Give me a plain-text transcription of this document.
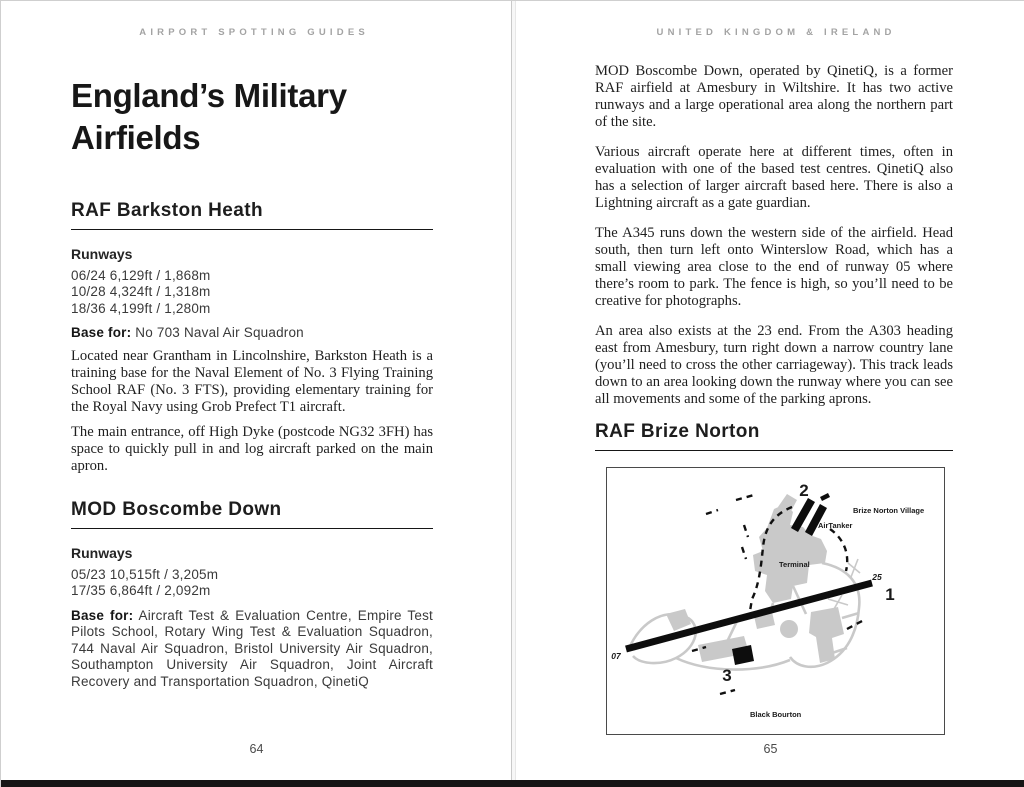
AIRPORT SPOTTING GUIDES
England’s Military Airfields
RAF Barkston Heath
Runways
06/24 6,129ft / 1,868m
10/28 4,324ft / 1,318m
18/36 4,199ft / 1,280m
Base for: No 703 Naval Air Squadron

Located near Grantham in Lincolnshire, Barkston Heath is a training base for the Naval Element of No. 3 Flying Training School RAF (No. 3 FTS), providing elementary training for the Royal Navy using Grob Prefect T1 aircraft.

The main entrance, off High Dyke (postcode NG32 3FH) has space to quickly pull in and log aircraft parked on the main apron.

MOD Boscombe Down
Runways
05/23 10,515ft / 3,205m
17/35 6,864ft / 2,092m
Base for: Aircraft Test & Evaluation Centre, Empire Test Pilots School, Rotary Wing Test & Evaluation Squadron, 744 Naval Air Squadron, Bristol University Air Squadron, Southampton University Air Squadron, Joint Aircraft Recovery and Transportation Squadron, QinetiQ
64
UNITED KINGDOM & IRELAND

MOD Boscombe Down, operated by QinetiQ, is a former RAF airfield at Amesbury in Wiltshire. It has two active runways and a large operational area along the northern part of the site.

Various aircraft operate here at different times, often in evaluation with one of the based test centres. QinetiQ also has a selection of larger aircraft based here. There is also a Lightning aircraft as a gate guardian.

The A345 runs down the western side of the airfield. Head south, then turn left onto Winterslow Road, which has a small viewing area close to the end of runway 05 where there’s room to park. The fence is high, so you’ll need to be creative for photographs.

An area also exists at the 23 end. From the A303 heading east from Amesbury, turn right down a narrow country lane (you’ll need to cross the other carriageway). This track leads down to an area looking down the runway where you can see all movements and some of the parking aprons.

RAF Brize Norton
2
1
3
25
07
AirTanker
Terminal
Brize Norton Village
Black Bourton
65
